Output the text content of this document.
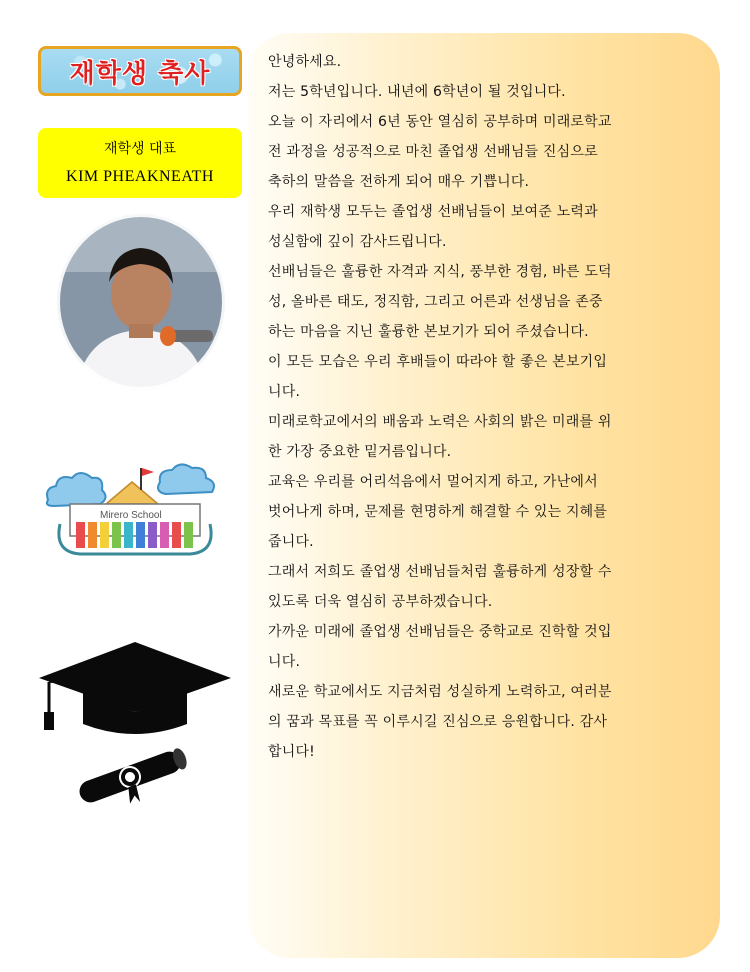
재학생 축사
재학생 대표
KIM PHEAKNEATH
Mirero School

안녕하세요.

저는 5학년입니다. 내년에 6학년이 될 것입니다.

오늘 이 자리에서 6년 동안 열심히 공부하며 미래로학교

전 과정을 성공적으로 마친 졸업생 선배님들 진심으로

축하의 말씀을 전하게 되어 매우 기쁩니다.

우리 재학생 모두는 졸업생 선배님들이 보여준 노력과

성실함에 깊이 감사드립니다.

선배님들은 훌륭한 자격과 지식, 풍부한 경험, 바른 도덕

성, 올바른 태도, 정직함, 그리고 어른과 선생님을 존중

하는 마음을 지닌 훌륭한 본보기가 되어 주셨습니다.

이 모든 모습은 우리 후배들이 따라야 할 좋은 본보기입

니다.

미래로학교에서의 배움과 노력은 사회의 밝은 미래를 위

한 가장 중요한 밑거름입니다.

교육은 우리를 어리석음에서 멀어지게 하고, 가난에서

벗어나게 하며, 문제를 현명하게 해결할 수 있는 지혜를

줍니다.

그래서 저희도 졸업생 선배님들처럼 훌륭하게 성장할 수

있도록 더욱 열심히 공부하겠습니다.

가까운 미래에 졸업생 선배님들은 중학교로 진학할 것입

니다.

새로운 학교에서도 지금처럼 성실하게 노력하고, 여러분

의 꿈과 목표를 꼭 이루시길 진심으로 응원합니다. 감사

합니다!
